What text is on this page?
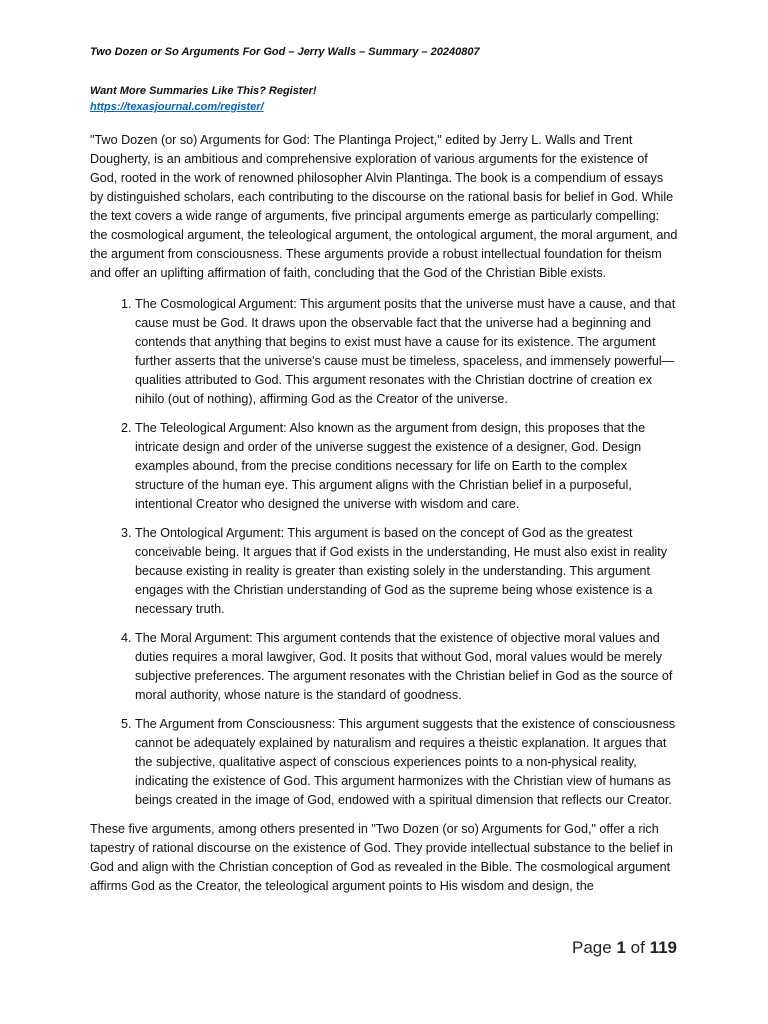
Two Dozen or So Arguments For God – Jerry Walls – Summary – 20240807
Want More Summaries Like This? Register!
https://texasjournal.com/register/

"Two Dozen (or so) Arguments for God: The Plantinga Project," edited by Jerry L. Walls and Trent Dougherty, is an ambitious and comprehensive exploration of various arguments for the existence of God, rooted in the work of renowned philosopher Alvin Plantinga. The book is a compendium of essays by distinguished scholars, each contributing to the discourse on the rational basis for belief in God. While the text covers a wide range of arguments, five principal arguments emerge as particularly compelling: the cosmological argument, the teleological argument, the ontological argument, the moral argument, and the argument from consciousness. These arguments provide a robust intellectual foundation for theism and offer an uplifting affirmation of faith, concluding that the God of the Christian Bible exists.

1. The Cosmological Argument: This argument posits that the universe must have a cause, and that cause must be God. It draws upon the observable fact that the universe had a beginning and contends that anything that begins to exist must have a cause for its existence. The argument further asserts that the universe's cause must be timeless, spaceless, and immensely powerful—qualities attributed to God. This argument resonates with the Christian doctrine of creation ex nihilo (out of nothing), affirming God as the Creator of the universe.
2. The Teleological Argument: Also known as the argument from design, this proposes that the intricate design and order of the universe suggest the existence of a designer, God. Design examples abound, from the precise conditions necessary for life on Earth to the complex structure of the human eye. This argument aligns with the Christian belief in a purposeful, intentional Creator who designed the universe with wisdom and care.
3. The Ontological Argument: This argument is based on the concept of God as the greatest conceivable being. It argues that if God exists in the understanding, He must also exist in reality because existing in reality is greater than existing solely in the understanding. This argument engages with the Christian understanding of God as the supreme being whose existence is a necessary truth.
4. The Moral Argument: This argument contends that the existence of objective moral values and duties requires a moral lawgiver, God. It posits that without God, moral values would be merely subjective preferences. The argument resonates with the Christian belief in God as the source of moral authority, whose nature is the standard of goodness.
5. The Argument from Consciousness: This argument suggests that the existence of consciousness cannot be adequately explained by naturalism and requires a theistic explanation. It argues that the subjective, qualitative aspect of conscious experiences points to a non-physical reality, indicating the existence of God. This argument harmonizes with the Christian view of humans as beings created in the image of God, endowed with a spiritual dimension that reflects our Creator.

These five arguments, among others presented in "Two Dozen (or so) Arguments for God," offer a rich tapestry of rational discourse on the existence of God. They provide intellectual substance to the belief in God and align with the Christian conception of God as revealed in the Bible. The cosmological argument affirms God as the Creator, the teleological argument points to His wisdom and design, the

Page 1 of 119
